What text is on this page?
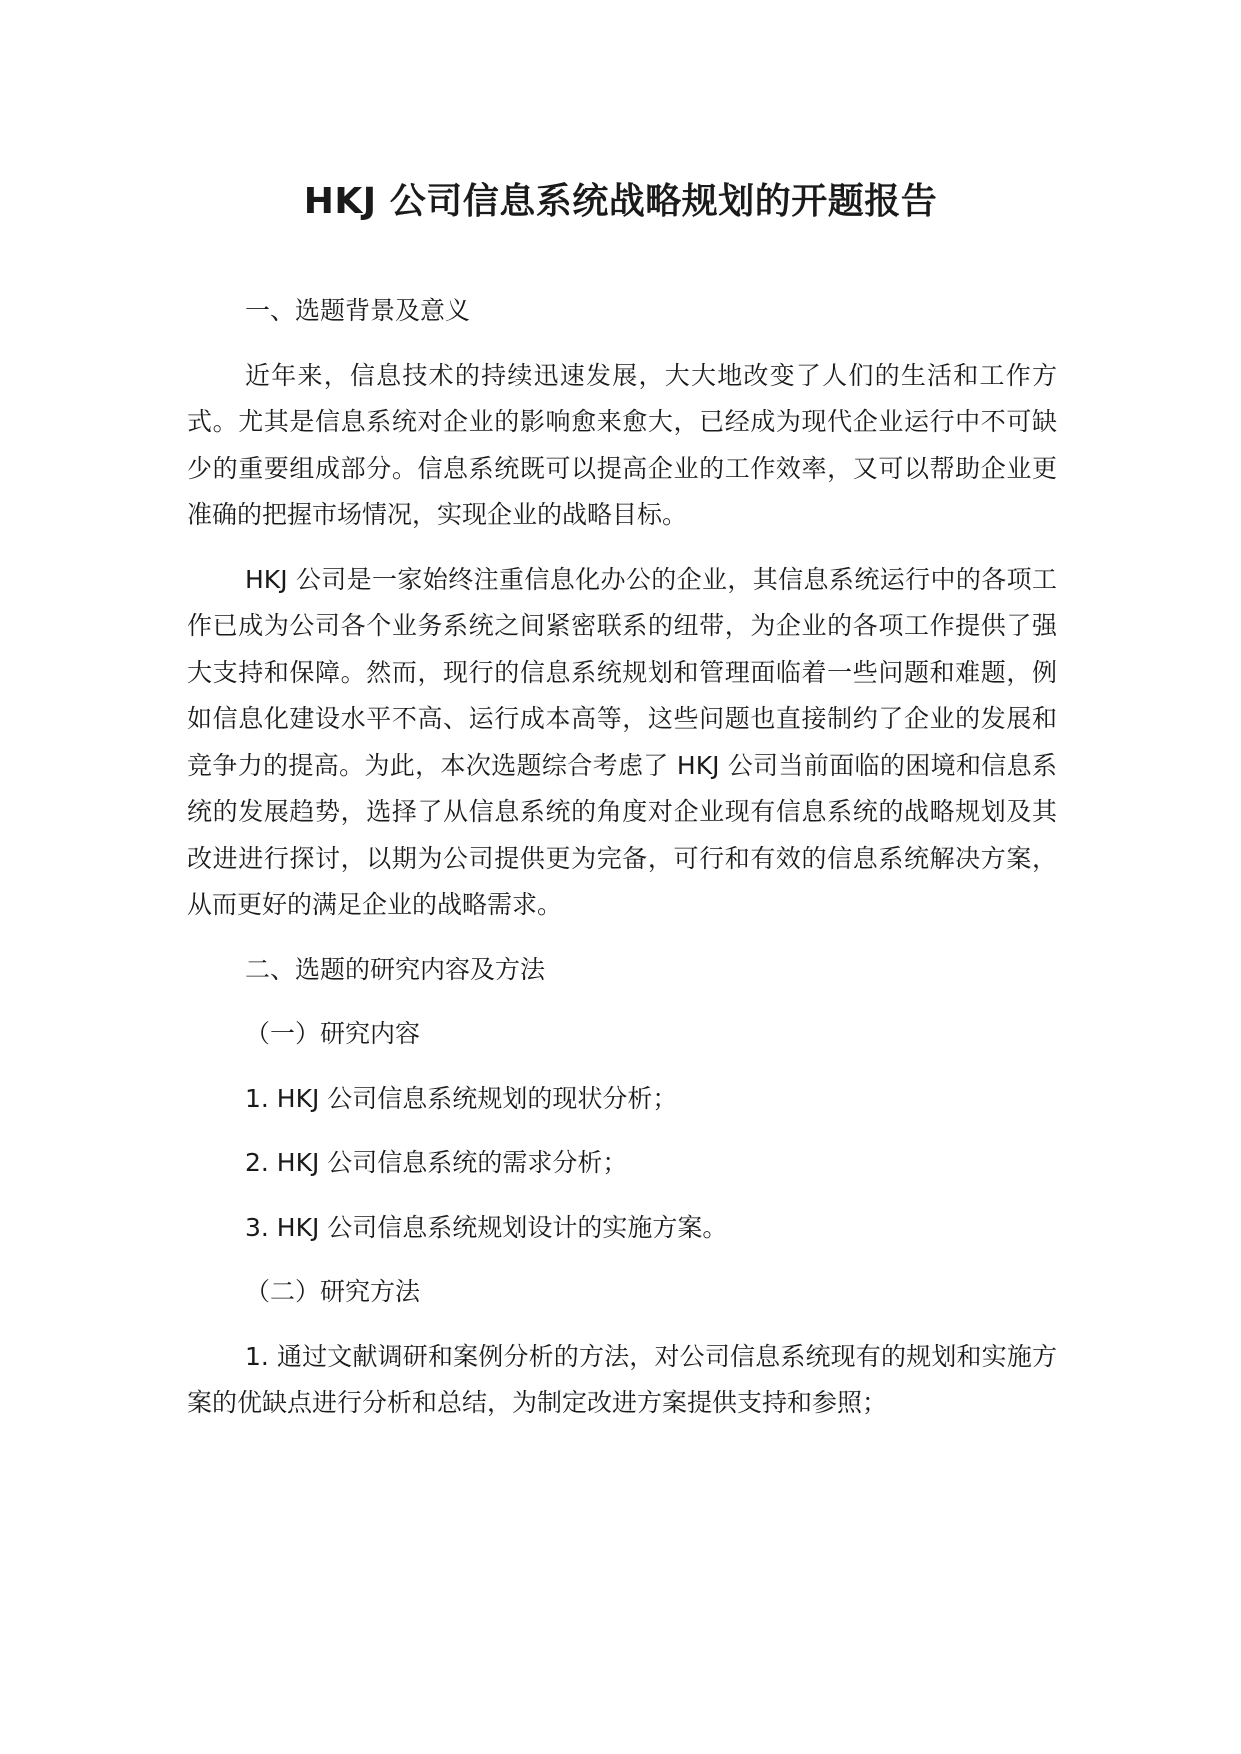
HKJ 公司信息系统战略规划的开题报告

一、选题背景及意义

近年来，信息技术的持续迅速发展，大大地改变了人们的生活和工作方式。尤其是信息系统对企业的影响愈来愈大，已经成为现代企业运行中不可缺少的重要组成部分。信息系统既可以提高企业的工作效率，又可以帮助企业更准确的把握市场情况，实现企业的战略目标。

HKJ 公司是一家始终注重信息化办公的企业，其信息系统运行中的各项工作已成为公司各个业务系统之间紧密联系的纽带，为企业的各项工作提供了强大支持和保障。然而，现行的信息系统规划和管理面临着一些问题和难题，例如信息化建设水平不高、运行成本高等，这些问题也直接制约了企业的发展和竞争力的提高。为此，本次选题综合考虑了 HKJ 公司当前面临的困境和信息系统的发展趋势，选择了从信息系统的角度对企业现有信息系统的战略规划及其改进进行探讨，以期为公司提供更为完备，可行和有效的信息系统解决方案，从而更好的满足企业的战略需求。

二、选题的研究内容及方法

（一）研究内容

1. HKJ 公司信息系统规划的现状分析；

2. HKJ 公司信息系统的需求分析；

3. HKJ 公司信息系统规划设计的实施方案。

（二）研究方法

1. 通过文献调研和案例分析的方法，对公司信息系统现有的规划和实施方案的优缺点进行分析和总结，为制定改进方案提供支持和参照；
